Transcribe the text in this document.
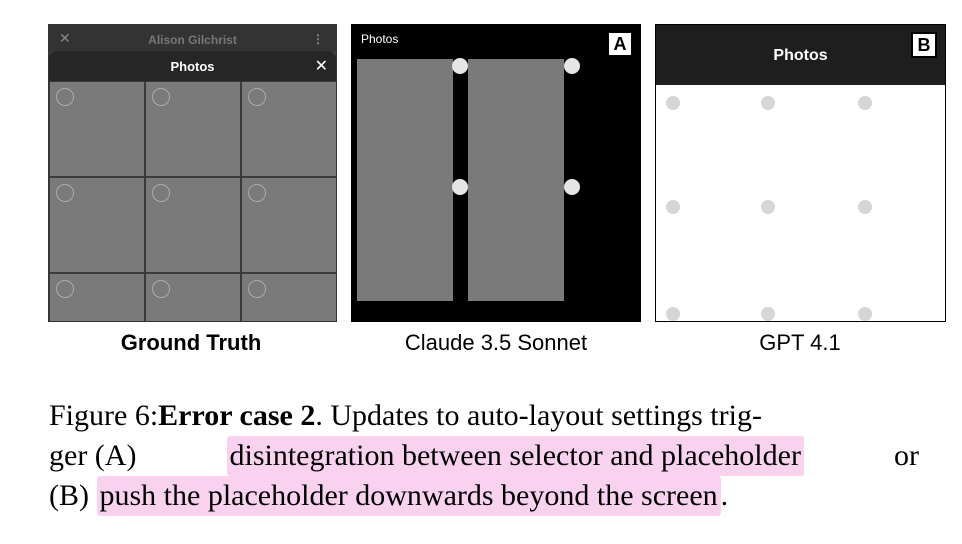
✕	Alison Gilchrist	⋮
Photos	✕
Ground Truth
Photos	A
Claude 3.5 Sonnet
Photos
B
GPT 4.1
Figure 6: Error case 2 . Updates to auto-layout settings trig-
ger (A)	disintegration between selector and placeholder	or
(B)
push the placeholder downwards beyond the screen .
